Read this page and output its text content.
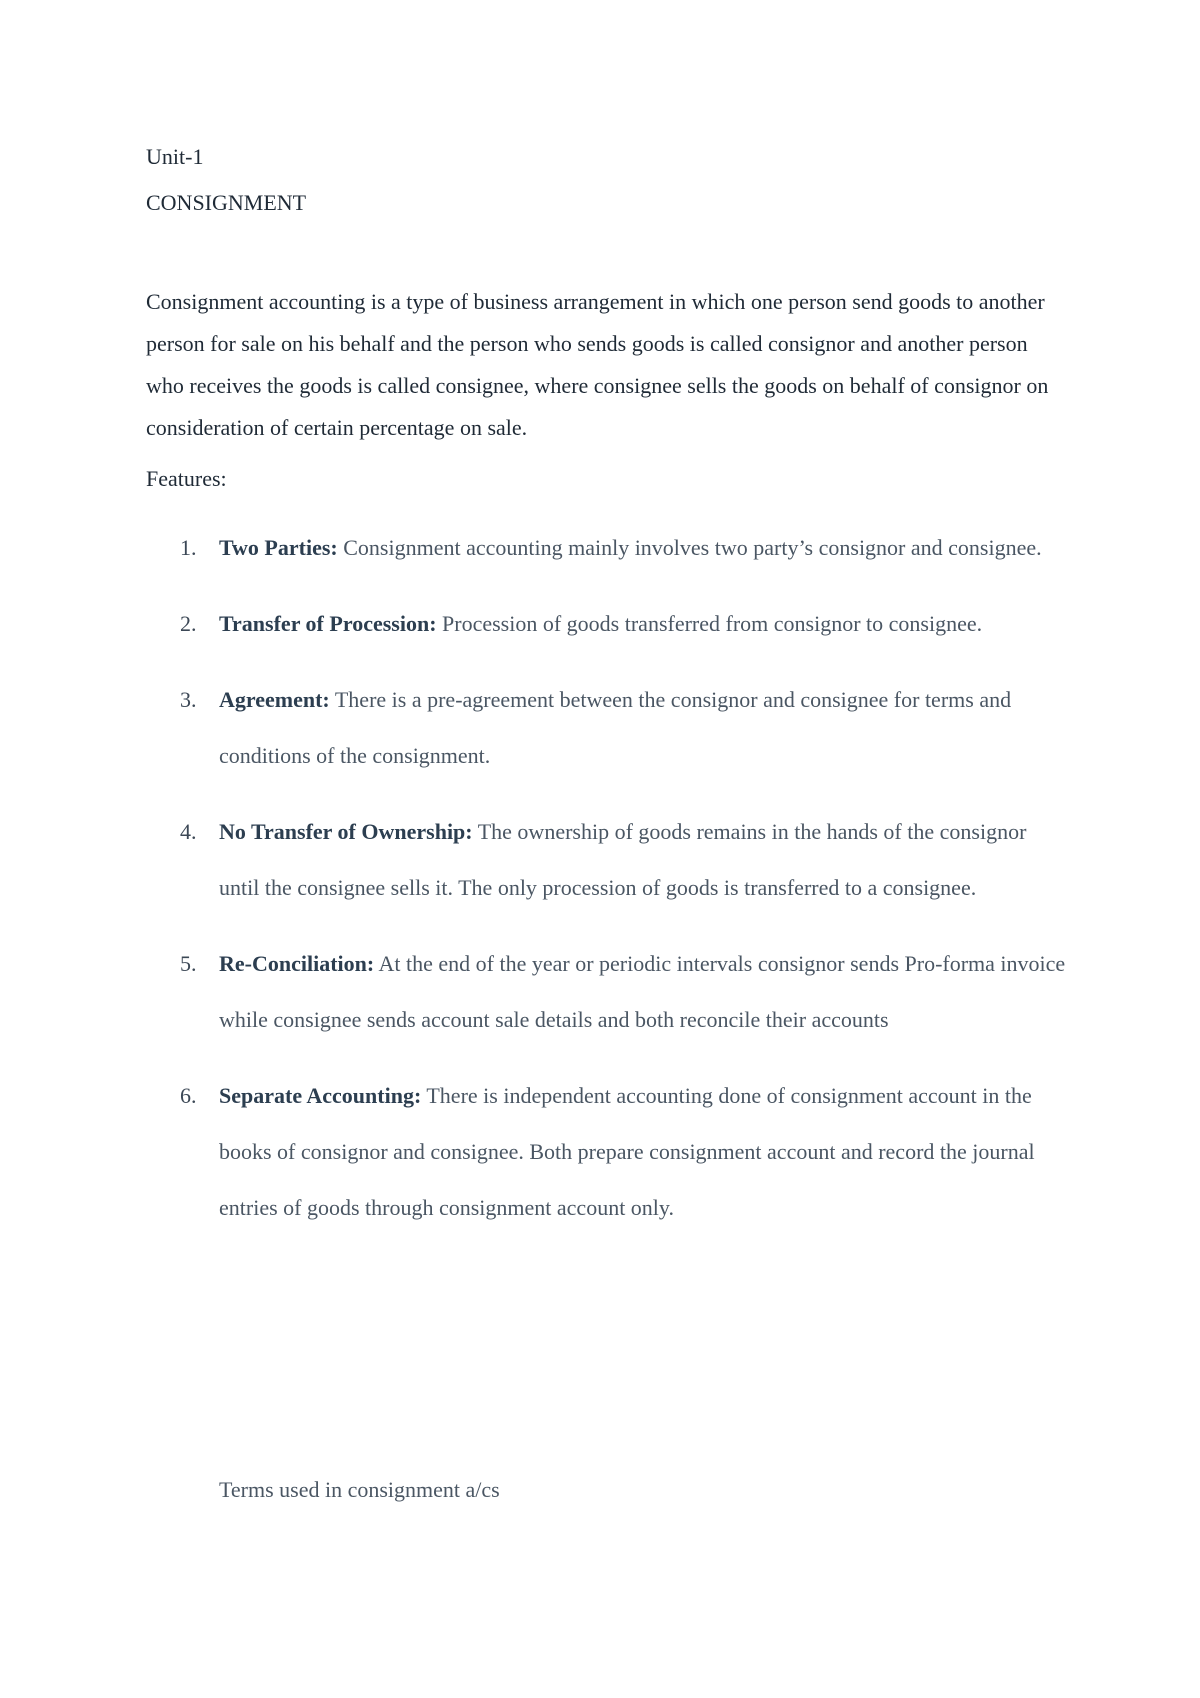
Unit-1
CONSIGNMENT

Consignment accounting is a type of business arrangement in which one person send goods to another person for sale on his behalf and the person who sends goods is called consignor and another person who receives the goods is called consignee, where consignee sells the goods on behalf of consignor on consideration of certain percentage on sale.

Features:
1. Two Parties: Consignment accounting mainly involves two party’s consignor and consignee.
2. Transfer of Procession: Procession of goods transferred from consignor to consignee.
3. Agreement: There is a pre-agreement between the consignor and consignee for terms and conditions of the consignment.
4. No Transfer of Ownership: The ownership of goods remains in the hands of the consignor until the consignee sells it. The only procession of goods is transferred to a consignee.
5. Re-Conciliation: At the end of the year or periodic intervals consignor sends Pro-forma invoice while consignee sends account sale details and both reconcile their accounts
6. Separate Accounting: There is independent accounting done of consignment account in the books of consignor and consignee. Both prepare consignment account and record the journal entries of goods through consignment account only.
Terms used in consignment a/cs
